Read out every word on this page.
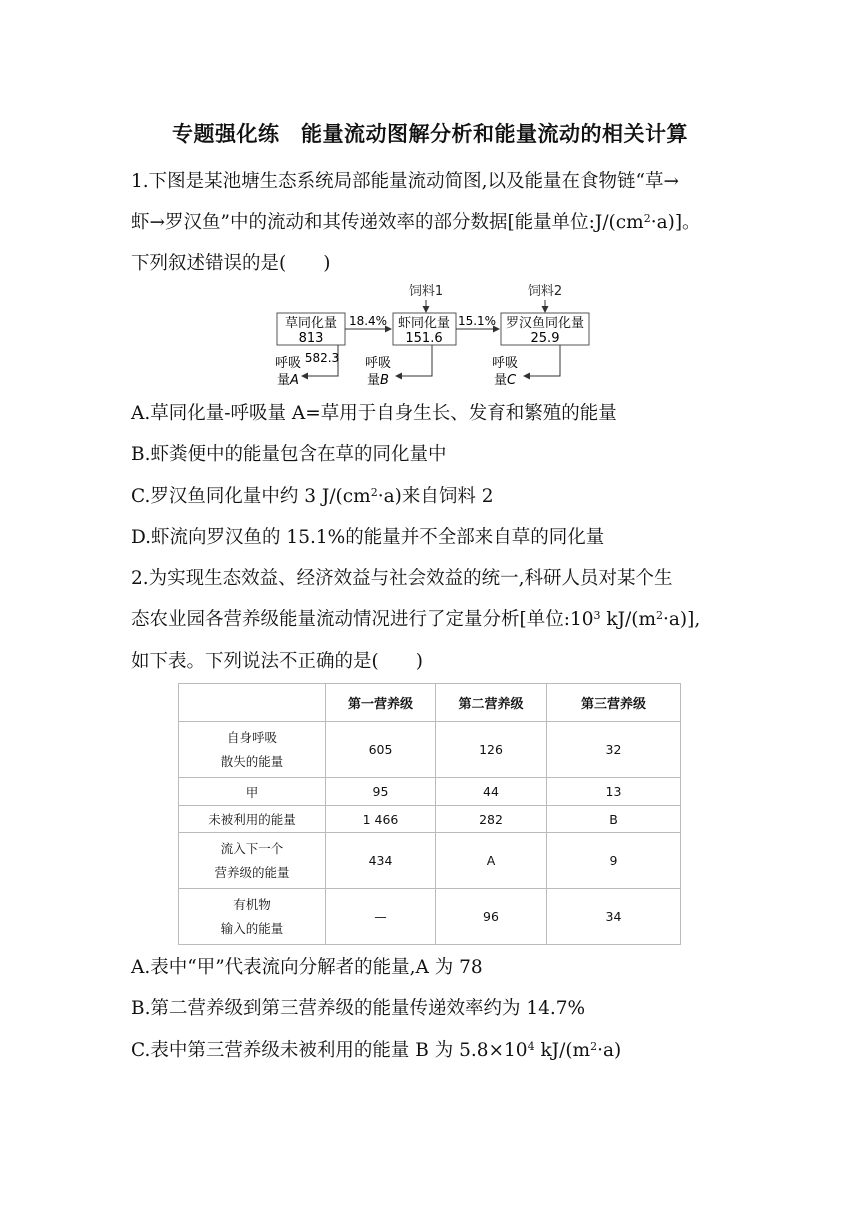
专题强化练　能量流动图解分析和能量流动的相关计算
1.下图是某池塘生态系统局部能量流动简图,以及能量在食物链“草→
虾→罗汉鱼”中的流动和其传递效率的部分数据[能量单位$:J/(cm^2\cdot a)$]。
下列叙述错误的是(　　)
饲料1	饲料2
草同化量
813
虾同化量
151.6
罗汉鱼同化量
25.9
18.4%	15.1%
582.3
呼吸
量A
呼吸
量B
呼吸
量C
A.草同化量-呼吸量 A=草用于自身生长、发育和繁殖的能量
B.虾粪便中的能量包含在草的同化量中
C.罗汉鱼同化量中约 3 $J/(cm^2\cdot a)$来自饲料 2
D.虾流向罗汉鱼的 15.1%的能量并不全部来自草的同化量
2.为实现生态效益、经济效益与社会效益的统一,科研人员对某个生
态农业园各营养级能量流动情况进行了定量分析[单位$:10^3$ $kJ/(m^2\cdot a)$],
如下表。下列说法不正确的是(　　)
	第一营养级	第二营养级	第三营养级

自身呼吸
散失的能量	605	126	32
甲	95	44	13
未被利用的能量	1 466	282	B

流入下一个
营养级的能量	434	A	9

有机物
输入的能量	—	96	34
A.表中“甲”代表流向分解者的能量,A 为 78
B.第二营养级到第三营养级的能量传递效率约为 14.7%
C.表中第三营养级未被利用的能量 B 为 $5.8\times 10^4$ $kJ/(m^2\cdot a)$
